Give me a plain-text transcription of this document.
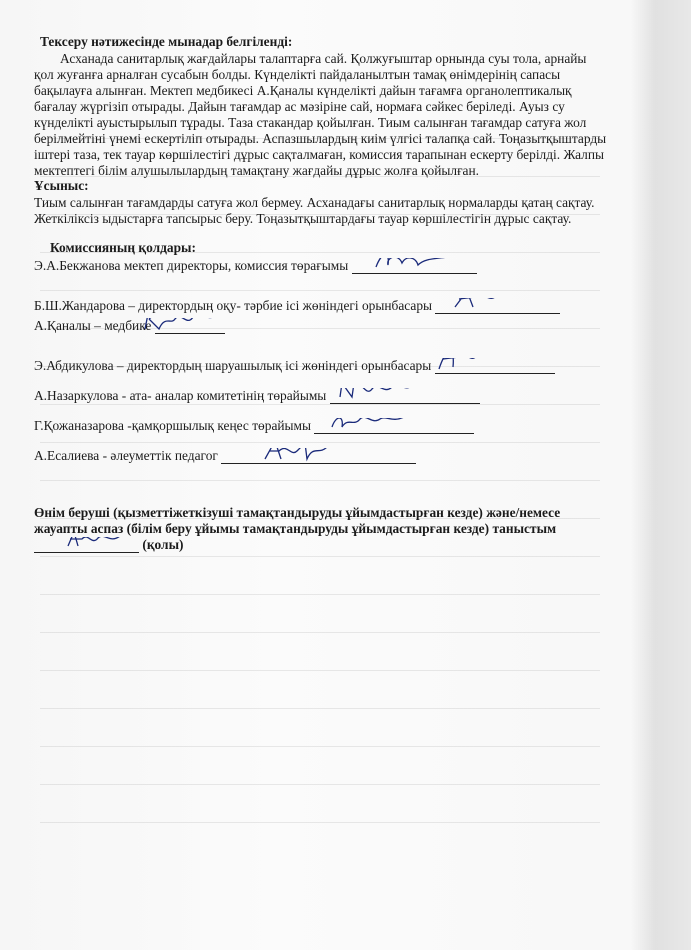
Тексеру нәтижесінде мынадар белгіленді:
Асханада санитарлық жағдайлары талаптарға сай. Қолжуғыштар орнында суы тола, арнайы
қол жуғанға арналған сусабын болды. Күнделікті пайдаланылтын тамақ өнімдерінің сапасы
бақылауға алынған. Мектеп медбикесі А.Қаналы күнделікті дайын тағамға органолептикалық
бағалау жүргізіп отырады. Дайын тағамдар ас мәзіріне сай, нормаға сәйкес беріледі. Ауыз су
күнделікті ауыстырылып тұрады. Таза стакандар қойылған. Тиым салынған тағамдар сатуға жол
берілмейтіні үнемі ескертіліп отырады. Аспазшылардың киім үлгісі талапқа сай. Тоңазытқыштарды
іштері таза, тек тауар көршілестігі дұрыс сақталмаған, комиссия тарапынан ескерту берілді. Жалпы
мектептегі білім алушылылардың тамақтану жағдайы дұрыс жолға қойылған.
Ұсыныс:
Тиым салынған тағамдарды сатуға жол бермеу. Асханадағы санитарлық нормаларды қатаң сақтау.
Жеткіліксіз ыдыстарға тапсырыс беру. Тоңазытқыштардағы тауар көршілестігін дұрыс сақтау.
Комиссияның қолдары:
Э.А.Бекжанова мектеп директоры, комиссия төрағымы
Б.Ш.Жандарова – директордың оқу- тәрбие ісі жөніндегі орынбасары
А.Қаналы – медбике
Э.Абдикулова – директордың шаруашылық ісі жөніндегі орынбасары
А.Назаркулова - ата- аналар комитетінің төрайымы
Г.Қожаназарова -қамқоршылық кеңес төрайымы
А.Есалиева - әлеуметтік педагог
Өнім беруші (қызметтіжеткізуші тамақтандыруды ұйымдастырған кезде) және/немесе
жауапты аспаз (білім беру ұйымы тамақтандыруды ұйымдастырған кезде) таныстым
(қолы)
